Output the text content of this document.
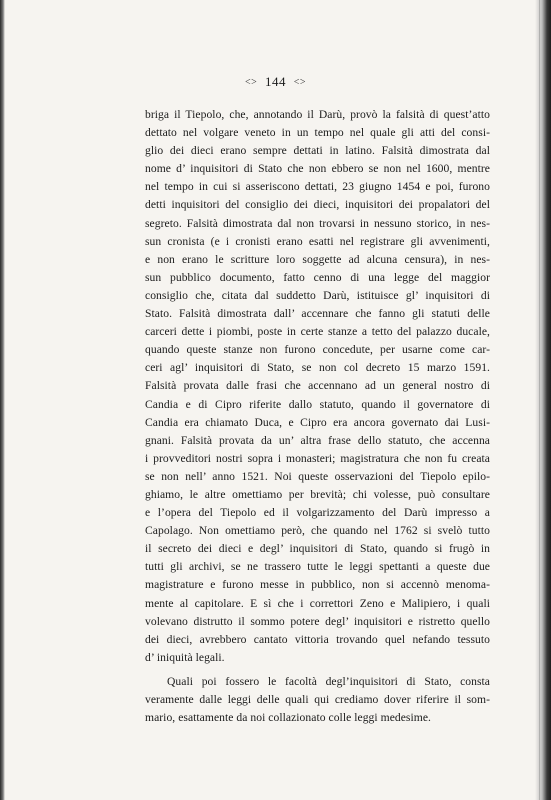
<> 144 <>
briga il Tiepolo, che, annotando il Darù, provò la falsità di quest’atto
dettato nel volgare veneto in un tempo nel quale gli atti del consi-
glio dei dieci erano sempre dettati in latino. Falsità dimostrata dal
nome d’ inquisitori di Stato che non ebbero se non nel 1600, mentre
nel tempo in cui si asseriscono dettati, 23 giugno 1454 e poi, furono
detti inquisitori del consiglio dei dieci, inquisitori dei propalatori del
segreto. Falsità dimostrata dal non trovarsi in nessuno storico, in nes-
sun cronista (e i cronisti erano esatti nel registrare gli avvenimenti,
e non erano le scritture loro soggette ad alcuna censura), in nes-
sun pubblico documento, fatto cenno di una legge del maggior
consiglio che, citata dal suddetto Darù, istituisce gl’ inquisitori di
Stato. Falsità dimostrata dall’ accennare che fanno gli statuti delle
carceri dette i piombi, poste in certe stanze a tetto del palazzo ducale,
quando queste stanze non furono concedute, per usarne come car-
ceri agl’ inquisitori di Stato, se non col decreto 15 marzo 1591.
Falsità provata dalle frasi che accennano ad un general nostro di
Candia e di Cipro riferite dallo statuto, quando il governatore di
Candia era chiamato Duca, e Cipro era ancora governato dai Lusi-
gnani. Falsità provata da un’ altra frase dello statuto, che accenna
i provveditori nostri sopra i monasteri; magistratura che non fu creata
se non nell’ anno 1521. Noi queste osservazioni del Tiepolo epilo-
ghiamo, le altre omettiamo per brevità; chi volesse, può consultare
e l’opera del Tiepolo ed il volgarizzamento del Darù impresso a
Capolago. Non omettiamo però, che quando nel 1762 si svelò tutto
il secreto dei dieci e degl’ inquisitori di Stato, quando si frugò in
tutti gli archivi, se ne trassero tutte le leggi spettanti a queste due
magistrature e furono messe in pubblico, non si accennò menoma-
mente al capitolare. E sì che i correttori Zeno e Malipiero, i quali
volevano distrutto il sommo potere degl’ inquisitori e ristretto quello
dei dieci, avrebbero cantato vittoria trovando quel nefando tessuto
d’ iniquità legali.
Quali poi fossero le facoltà degl’inquisitori di Stato, consta
veramente dalle leggi delle quali qui crediamo dover riferire il som-
mario, esattamente da noi collazionato colle leggi medesime.
